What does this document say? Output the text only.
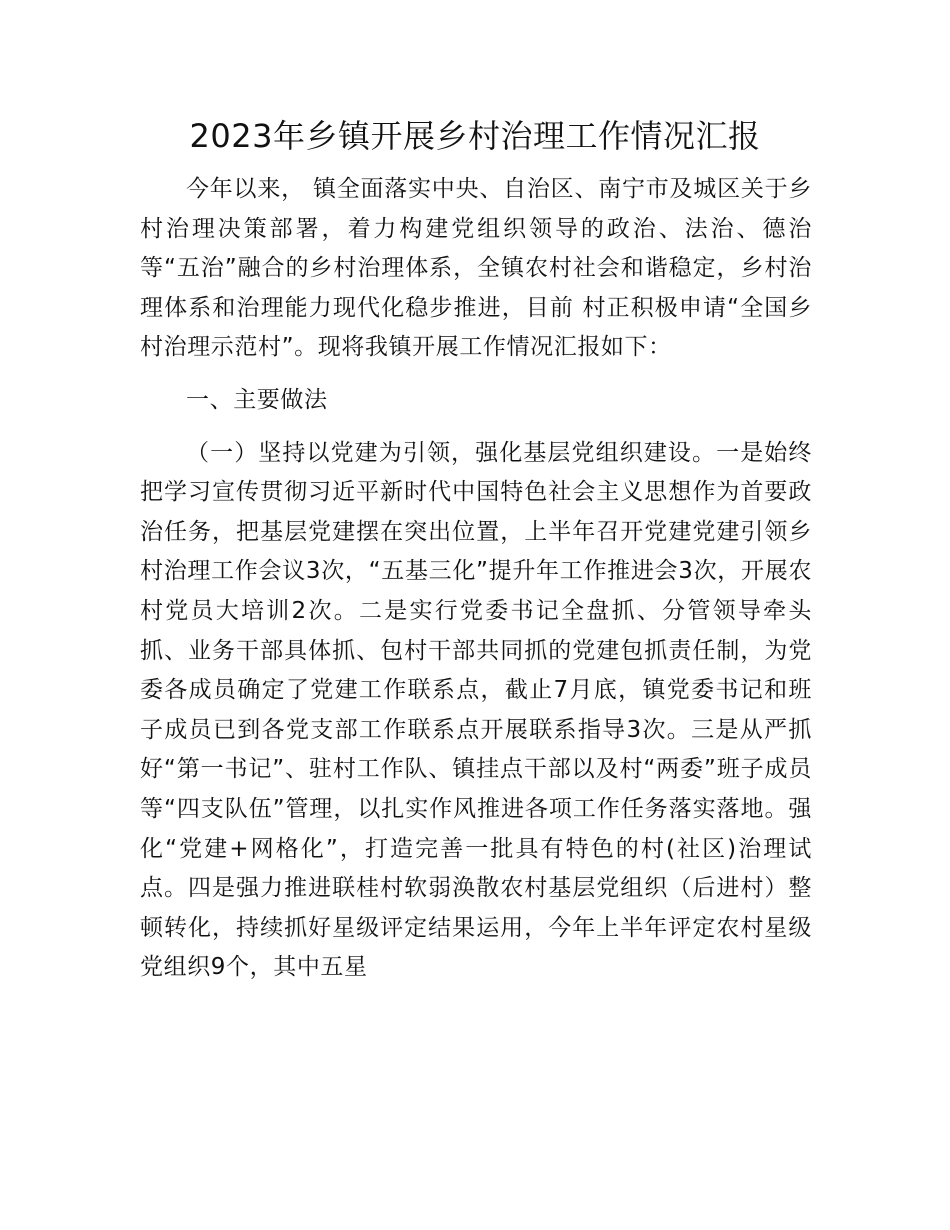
2023年乡镇开展乡村治理工作情况汇报

今年以来， 镇全面落实中央、自治区、南宁市及城区关于乡村治理决策部署，着力构建党组织领导的政治、法治、德治等“五治”融合的乡村治理体系，全镇农村社会和谐稳定，乡村治理体系和治理能力现代化稳步推进，目前 村正积极申请“全国乡村治理示范村”。现将我镇开展工作情况汇报如下：

一、主要做法

（一）坚持以党建为引领，强化基层党组织建设。一是始终把学习宣传贯彻习近平新时代中国特色社会主义思想作为首要政治任务，把基层党建摆在突出位置，上半年召开党建党建引领乡村治理工作会议3次，“五基三化”提升年工作推进会3次，开展农村党员大培训2次。二是实行党委书记全盘抓、分管领导牵头抓、业务干部具体抓、包村干部共同抓的党建包抓责任制，为党委各成员确定了党建工作联系点，截止7月底，镇党委书记和班子成员已到各党支部工作联系点开展联系指导3次。三是从严抓好“第一书记”、驻村工作队、镇挂点干部以及村“两委”班子成员等“四支队伍”管理，以扎实作风推进各项工作任务落实落地。强化“党建+网格化”，打造完善一批具有特色的村(社区)治理试点。四是强力推进联桂村软弱涣散农村基层党组织（后进村）整顿转化，持续抓好星级评定结果运用，今年上半年评定农村星级党组织9个，其中五星
